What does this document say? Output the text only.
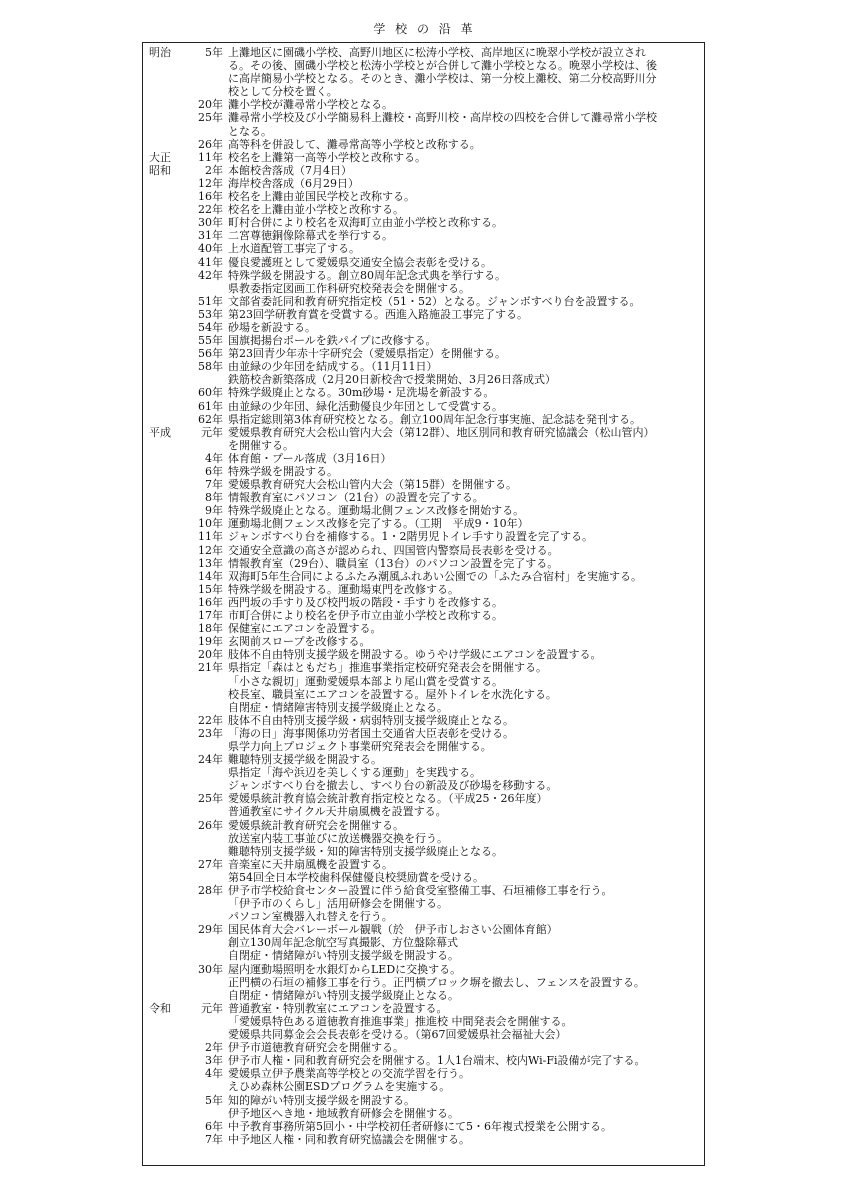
学 校 の 沿 革
明治	5年 上灘地区に園磯小学校、高野川地区に松涛小学校、高岸地区に晩翠小学校が設立され
る。その後、園磯小学校と松涛小学校とが合併して灘小学校となる。晩翠小学校は、後
に高岸簡易小学校となる。そのとき、灘小学校は、第一分校上灘校、第二分校高野川分
校として分校を置く。
20年 灘小学校が灘尋常小学校となる。
25年 灘尋常小学校及び小学簡易科上灘校・高野川校・高岸校の四校を合併して灘尋常小学校
となる。
26年 高等科を併設して、灘尋常高等小学校と改称する。
大正	11年 校名を上灘第一高等小学校と改称する。
昭和	2年 本館校舎落成（7月4日）
12年 海岸校舎落成（6月29日）
16年 校名を上灘由並国民学校と改称する。
22年 校名を上灘由並小学校と改称する。
30年 町村合併により校名を双海町立由並小学校と改称する。
31年 二宮尊徳銅像除幕式を挙行する。
40年 上水道配管工事完了する。
41年 優良愛護班として愛媛県交通安全協会表彰を受ける。
42年 特殊学級を開設する。創立80周年記念式典を挙行する。
県教委指定図画工作科研究校発表会を開催する。
51年 文部省委託同和教育研究指定校（51・52）となる。ジャンボすべり台を設置する。
53年 第23回学研教育賞を受賞する。西進入路施設工事完了する。
54年 砂場を新設する。
55年 国旗掲揚台ポールを鉄パイプに改修する。
56年 第23回青少年赤十字研究会（愛媛県指定）を開催する。
58年 由並緑の少年団を結成する。（11月11日）
鉄筋校舎新築落成（2月20日新校舎で授業開始、3月26日落成式）
60年 特殊学級廃止となる。30m砂場・足洗場を新設する。
61年 由並緑の少年団、緑化活動優良少年団として受賞する。
62年 県指定総則第3体育研究校となる。創立100周年記念行事実施、記念誌を発刊する。
平成	元年 愛媛県教育研究大会松山管内大会（第12群）、地区別同和教育研究協議会（松山管内）
を開催する。
4年 体育館・プール落成（3月16日）
6年 特殊学級を開設する。
7年 愛媛県教育研究大会松山管内大会（第15群）を開催する。
8年 情報教育室にパソコン（21台）の設置を完了する。
9年 特殊学級廃止となる。運動場北側フェンス改修を開始する。
10年 運動場北側フェンス改修を完了する。（工期　平成9・10年）
11年 ジャンボすべり台を補修する。1・2階男児トイレ手すり設置を完了する。
12年 交通安全意識の高さが認められ、四国管内警察局長表彰を受ける。
13年 情報教育室（29台）、職員室（13台）のパソコン設置を完了する。
14年 双海町5年生合同によるふたみ潮風ふれあい公園での「ふたみ合宿村」を実施する。
15年 特殊学級を開設する。運動場東門を改修する。
16年 西門坂の手すり及び校門坂の階段・手すりを改修する。
17年 市町合併により校名を伊予市立由並小学校と改称する。
18年 保健室にエアコンを設置する。
19年 玄関前スロープを改修する。
20年 肢体不自由特別支援学級を開設する。ゆうやけ学級にエアコンを設置する。
21年 県指定「森はともだち」推進事業指定校研究発表会を開催する。
「小さな親切」運動愛媛県本部より尾山賞を受賞する。
校長室、職員室にエアコンを設置する。屋外トイレを水洗化する。
自閉症・情緒障害特別支援学級廃止となる。
22年 肢体不自由特別支援学級・病弱特別支援学級廃止となる。
23年 「海の日」海事関係功労者国土交通省大臣表彰を受ける。
県学力向上プロジェクト事業研究発表会を開催する。
24年 難聴特別支援学級を開設する。
県指定「海や浜辺を美しくする運動」を実践する。
ジャンボすべり台を撤去し、すべり台の新設及び砂場を移動する。
25年 愛媛県統計教育協会統計教育指定校となる。（平成25・26年度）
普通教室にサイクル天井扇風機を設置する。
26年 愛媛県統計教育研究会を開催する。
放送室内装工事並びに放送機器交換を行う。
難聴特別支援学級・知的障害特別支援学級廃止となる。
27年 音楽室に天井扇風機を設置する。
第54回全日本学校歯科保健優良校奨励賞を受ける。
28年 伊予市学校給食センター設置に伴う給食受室整備工事、石垣補修工事を行う。
「伊予市のくらし」活用研修会を開催する。
パソコン室機器入れ替えを行う。
29年 国民体育大会バレーボール観戦（於　伊予市しおさい公園体育館）
創立130周年記念航空写真撮影、方位盤除幕式
自閉症・情緒障がい特別支援学級を開設する。
30年 屋内運動場照明を水銀灯からLEDに交換する。
正門横の石垣の補修工事を行う。正門横ブロック塀を撤去し、フェンスを設置する。
自閉症・情緒障がい特別支援学級廃止となる。
令和	元年 普通教室・特別教室にエアコンを設置する。
「愛媛県特色ある道徳教育推進事業」推進校 中間発表会を開催する。
愛媛県共同募金会会長表彰を受ける。（第67回愛媛県社会福祉大会）
2年 伊予市道徳教育研究会を開催する。
3年 伊予市人権・同和教育研究会を開催する。1人1台端末、校内Wi-Fi設備が完了する。
4年 愛媛県立伊予農業高等学校との交流学習を行う。
えひめ森林公園ESDプログラムを実施する。
5年 知的障がい特別支援学級を開設する。
伊予地区へき地・地域教育研修会を開催する。
6年 中予教育事務所第5回小・中学校初任者研修にて5・6年複式授業を公開する。
7年 中予地区人権・同和教育研究協議会を開催する。
